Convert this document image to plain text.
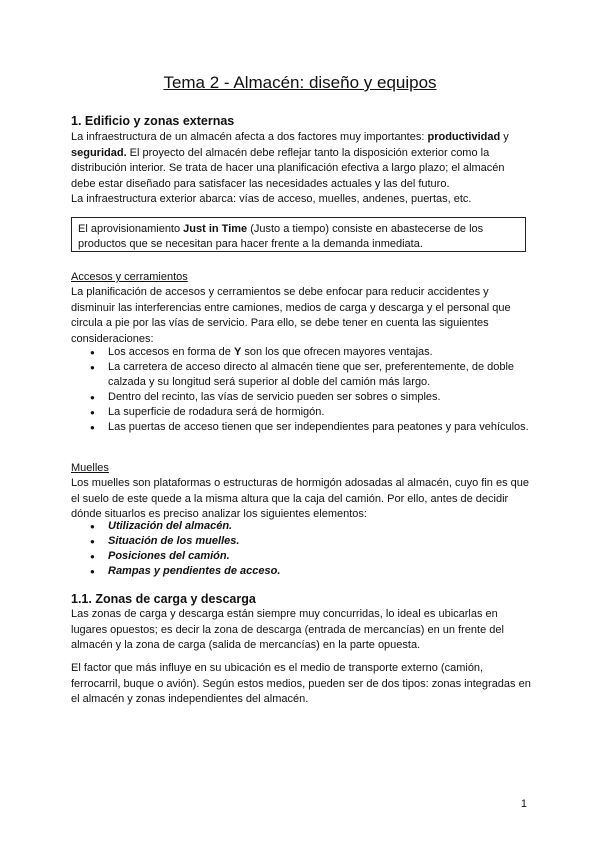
Tema 2 - Almacén: diseño y equipos
1. Edificio y zonas externas
La infraestructura de un almacén afecta a dos factores muy importantes: productividad y seguridad. El proyecto del almacén debe reflejar tanto la disposición exterior como la distribución interior. Se trata de hacer una planificación efectiva a largo plazo; el almacén debe estar diseñado para satisfacer las necesidades actuales y las del futuro.
La infraestructura exterior abarca: vías de acceso, muelles, andenes, puertas, etc.
El aprovisionamiento Just in Time (Justo a tiempo) consiste en abastecerse de los productos que se necesitan para hacer frente a la demanda inmediata.
Accesos y cerramientos
La planificación de accesos y cerramientos se debe enfocar para reducir accidentes y disminuir las interferencias entre camiones, medios de carga y descarga y el personal que circula a pie por las vías de servicio. Para ello, se debe tener en cuenta las siguientes consideraciones:
● Los accesos en forma de Y son los que ofrecen mayores ventajas.
● La carretera de acceso directo al almacén tiene que ser, preferentemente, de doble calzada y su longitud será superior al doble del camión más largo.
● Dentro del recinto, las vías de servicio pueden ser sobres o simples.
● La superficie de rodadura será de hormigón.
● Las puertas de acceso tienen que ser independientes para peatones y para vehículos.
Muelles
Los muelles son plataformas o estructuras de hormigón adosadas al almacén, cuyo fin es que el suelo de este quede a la misma altura que la caja del camión. Por ello, antes de decidir dónde situarlos es preciso analizar los siguientes elementos:
● Utilización del almacén.
● Situación de los muelles.
● Posiciones del camión.
● Rampas y pendientes de acceso.
1.1. Zonas de carga y descarga
Las zonas de carga y descarga están siempre muy concurridas, lo ideal es ubicarlas en lugares opuestos; es decir la zona de descarga (entrada de mercancías) en un frente del almacén y la zona de carga (salida de mercancías) en la parte opuesta.
El factor que más influye en su ubicación es el medio de transporte externo (camión, ferrocarril, buque o avión). Según estos medios, pueden ser de dos tipos: zonas integradas en el almacén y zonas independientes del almacén.
1
